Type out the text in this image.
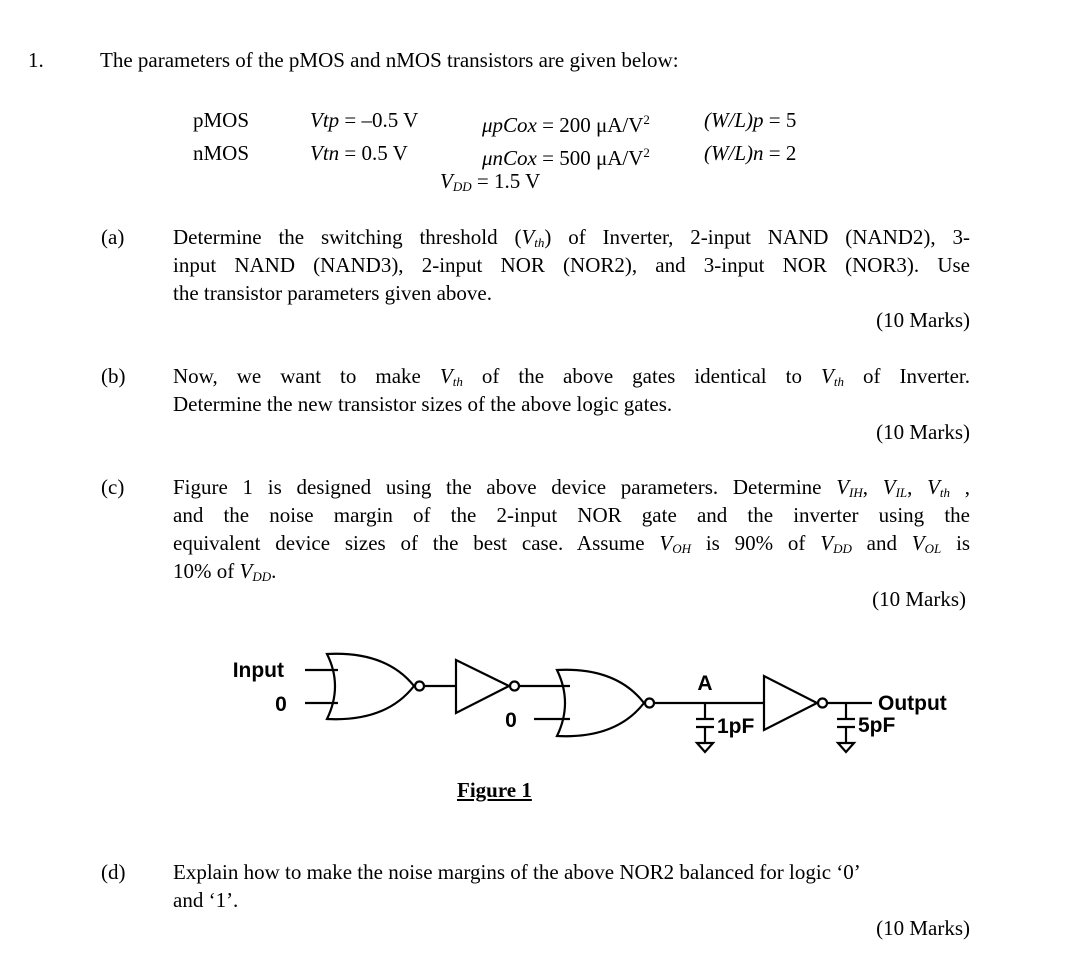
1.	The parameters of the pMOS and nMOS transistors are given below:
pMOS	Vtp = –0.5 V	μpCox = 200 $\mu A/V^2$	(W/L)p = 5
nMOS	Vtn = 0.5 V	μnCox = 500 $\mu A/V^2$	(W/L)n = 2
$V_{DD} = 1.5$ V
(a) Determine the switching threshold $(V_{th})$ of Inverter, 2-input NAND (NAND2), 3-
input NAND (NAND3), 2-input NOR (NOR2), and 3-input NOR (NOR3). Use
the transistor parameters given above.
(10 Marks)
(b) Now, we want to make $V_{th}$ of the above gates identical to $V_{th}$ of Inverter.
Determine the new transistor sizes of the above logic gates.
(10 Marks)
(c) Figure 1 is designed using the above device parameters. Determine $V_{IH}$, $V_{IL}$, $V_{th}$ ,
and the noise margin of the 2-input NOR gate and the inverter using the
equivalent device sizes of the best case. Assume $V_{OH}$ is 90% of $V_{DD}$ and $V_{OL}$ is
10% of $V_{DD}$.
(10 Marks)
Input
0
0
A
1pF
Output
5pF
Figure 1
(d) Explain how to make the noise margins of the above NOR2 balanced for logic ‘0’
and ‘1’.
(10 Marks)
